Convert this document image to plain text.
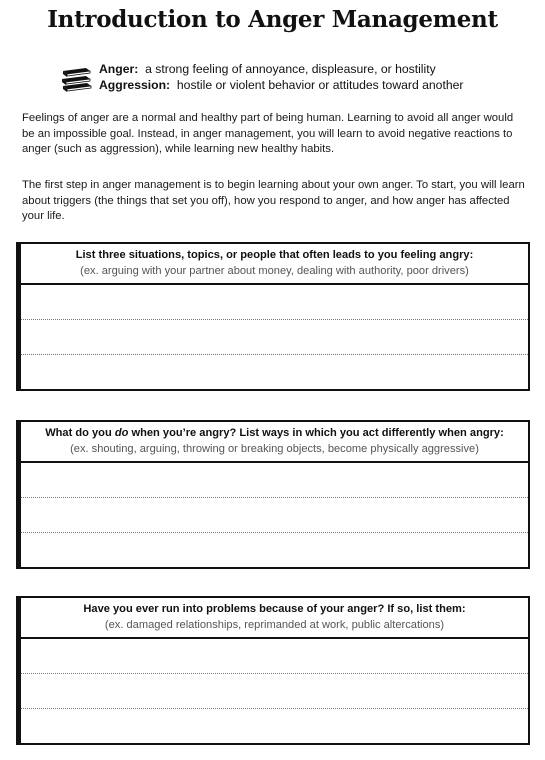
Introduction to Anger Management
Anger: a strong feeling of annoyance, displeasure, or hostility
Aggression: hostile or violent behavior or attitudes toward another
Feelings of anger are a normal and healthy part of being human. Learning to avoid all anger would be an impossible goal. Instead, in anger management, you will learn to avoid negative reactions to anger (such as aggression), while learning new healthy habits.
The first step in anger management is to begin learning about your own anger. To start, you will learn about triggers (the things that set you off), how you respond to anger, and how anger has affected your life.
List three situations, topics, or people that often leads to you feeling angry:
(ex. arguing with your partner about money, dealing with authority, poor drivers)
What do you do when you’re angry? List ways in which you act differently when angry:
(ex. shouting, arguing, throwing or breaking objects, become physically aggressive)
Have you ever run into problems because of your anger? If so, list them:
(ex. damaged relationships, reprimanded at work, public altercations)
